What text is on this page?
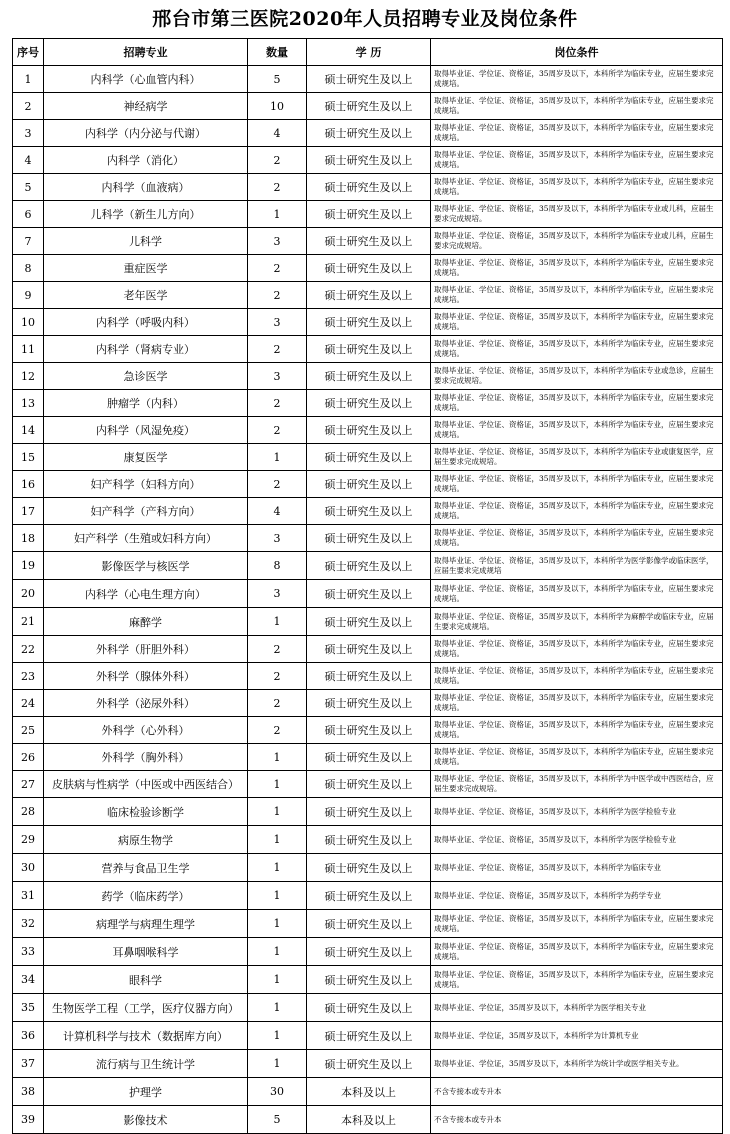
邢台市第三医院2020年人员招聘专业及岗位条件
序号	招聘专业	数量	学 历	岗位条件
1	内科学（心血管内科）	5	硕士研究生及以上	取得毕业证、学位证、资格证，35周岁及以下，本科所学为临床专业，应届生要求完成规培。
2	神经病学	10	硕士研究生及以上	取得毕业证、学位证、资格证，35周岁及以下，本科所学为临床专业，应届生要求完成规培。
3	内科学（内分泌与代谢）	4	硕士研究生及以上	取得毕业证、学位证、资格证，35周岁及以下，本科所学为临床专业，应届生要求完成规培。
4	内科学（消化）	2	硕士研究生及以上	取得毕业证、学位证、资格证，35周岁及以下，本科所学为临床专业，应届生要求完成规培。
5	内科学（血液病）	2	硕士研究生及以上	取得毕业证、学位证、资格证，35周岁及以下，本科所学为临床专业，应届生要求完成规培。
6	儿科学（新生儿方向）	1	硕士研究生及以上	取得毕业证、学位证、资格证，35周岁及以下，本科所学为临床专业或儿科，应届生要求完成规培。
7	儿科学	3	硕士研究生及以上	取得毕业证、学位证、资格证，35周岁及以下，本科所学为临床专业或儿科，应届生要求完成规培。
8	重症医学	2	硕士研究生及以上	取得毕业证、学位证、资格证，35周岁及以下，本科所学为临床专业，应届生要求完成规培。
9	老年医学	2	硕士研究生及以上	取得毕业证、学位证、资格证，35周岁及以下，本科所学为临床专业，应届生要求完成规培。
10	内科学（呼吸内科）	3	硕士研究生及以上	取得毕业证、学位证、资格证，35周岁及以下，本科所学为临床专业，应届生要求完成规培。
11	内科学（肾病专业）	2	硕士研究生及以上	取得毕业证、学位证、资格证，35周岁及以下，本科所学为临床专业，应届生要求完成规培。
12	急诊医学	3	硕士研究生及以上	取得毕业证、学位证、资格证，35周岁及以下，本科所学为临床专业或急诊，应届生要求完成规培。
13	肿瘤学（内科）	2	硕士研究生及以上	取得毕业证、学位证、资格证，35周岁及以下，本科所学为临床专业，应届生要求完成规培。
14	内科学（风湿免疫）	2	硕士研究生及以上	取得毕业证、学位证、资格证，35周岁及以下，本科所学为临床专业，应届生要求完成规培。
15	康复医学	1	硕士研究生及以上	取得毕业证、学位证、资格证，35周岁及以下，本科所学为临床专业或康复医学，应届生要求完成规培。
16	妇产科学（妇科方向）	2	硕士研究生及以上	取得毕业证、学位证、资格证，35周岁及以下，本科所学为临床专业，应届生要求完成规培。
17	妇产科学（产科方向）	4	硕士研究生及以上	取得毕业证、学位证、资格证，35周岁及以下，本科所学为临床专业，应届生要求完成规培。
18	妇产科学（生殖或妇科方向）	3	硕士研究生及以上	取得毕业证、学位证、资格证，35周岁及以下，本科所学为临床专业，应届生要求完成规培。
19	影像医学与核医学	8	硕士研究生及以上	取得毕业证、学位证、资格证，35周岁及以下，本科所学为医学影像学或临床医学，应届生要求完成规培
20	内科学（心电生理方向）	3	硕士研究生及以上	取得毕业证、学位证、资格证，35周岁及以下，本科所学为临床专业，应届生要求完成规培。
21	麻醉学	1	硕士研究生及以上	取得毕业证、学位证、资格证，35周岁及以下，本科所学为麻醉学或临床专业，应届生要求完成规培。
22	外科学（肝胆外科）	2	硕士研究生及以上	取得毕业证、学位证、资格证，35周岁及以下，本科所学为临床专业，应届生要求完成规培。
23	外科学（腺体外科）	2	硕士研究生及以上	取得毕业证、学位证、资格证，35周岁及以下，本科所学为临床专业，应届生要求完成规培。
24	外科学（泌尿外科）	2	硕士研究生及以上	取得毕业证、学位证、资格证，35周岁及以下，本科所学为临床专业，应届生要求完成规培。
25	外科学（心外科）	2	硕士研究生及以上	取得毕业证、学位证、资格证，35周岁及以下，本科所学为临床专业，应届生要求完成规培。
26	外科学（胸外科）	1	硕士研究生及以上	取得毕业证、学位证、资格证，35周岁及以下，本科所学为临床专业，应届生要求完成规培。
27	皮肤病与性病学（中医或中西医结合）	1	硕士研究生及以上	取得毕业证、学位证、资格证，35周岁及以下，本科所学为中医学或中西医结合，应届生要求完成规培。
28	临床检验诊断学	1	硕士研究生及以上	取得毕业证、学位证、资格证，35周岁及以下，本科所学为医学检验专业
29	病原生物学	1	硕士研究生及以上	取得毕业证、学位证、资格证，35周岁及以下，本科所学为医学检验专业
30	营养与食品卫生学	1	硕士研究生及以上	取得毕业证、学位证、资格证，35周岁及以下，本科所学为临床专业
31	药学（临床药学）	1	硕士研究生及以上	取得毕业证、学位证、资格证，35周岁及以下，本科所学为药学专业
32	病理学与病理生理学	1	硕士研究生及以上	取得毕业证、学位证、资格证，35周岁及以下，本科所学为临床专业，应届生要求完成规培。
33	耳鼻咽喉科学	1	硕士研究生及以上	取得毕业证、学位证、资格证，35周岁及以下，本科所学为临床专业，应届生要求完成规培。
34	眼科学	1	硕士研究生及以上	取得毕业证、学位证、资格证，35周岁及以下，本科所学为临床专业，应届生要求完成规培。
35	生物医学工程（工学，医疗仪器方向）	1	硕士研究生及以上	取得毕业证、学位证，35周岁及以下，本科所学为医学相关专业
36	计算机科学与技术（数据库方向）	1	硕士研究生及以上	取得毕业证、学位证，35周岁及以下，本科所学为计算机专业
37	流行病与卫生统计学	1	硕士研究生及以上	取得毕业证、学位证，35周岁及以下，本科所学为统计学或医学相关专业。
38	护理学	30	本科及以上	不含专接本或专升本
39	影像技术	5	本科及以上	不含专接本或专升本
